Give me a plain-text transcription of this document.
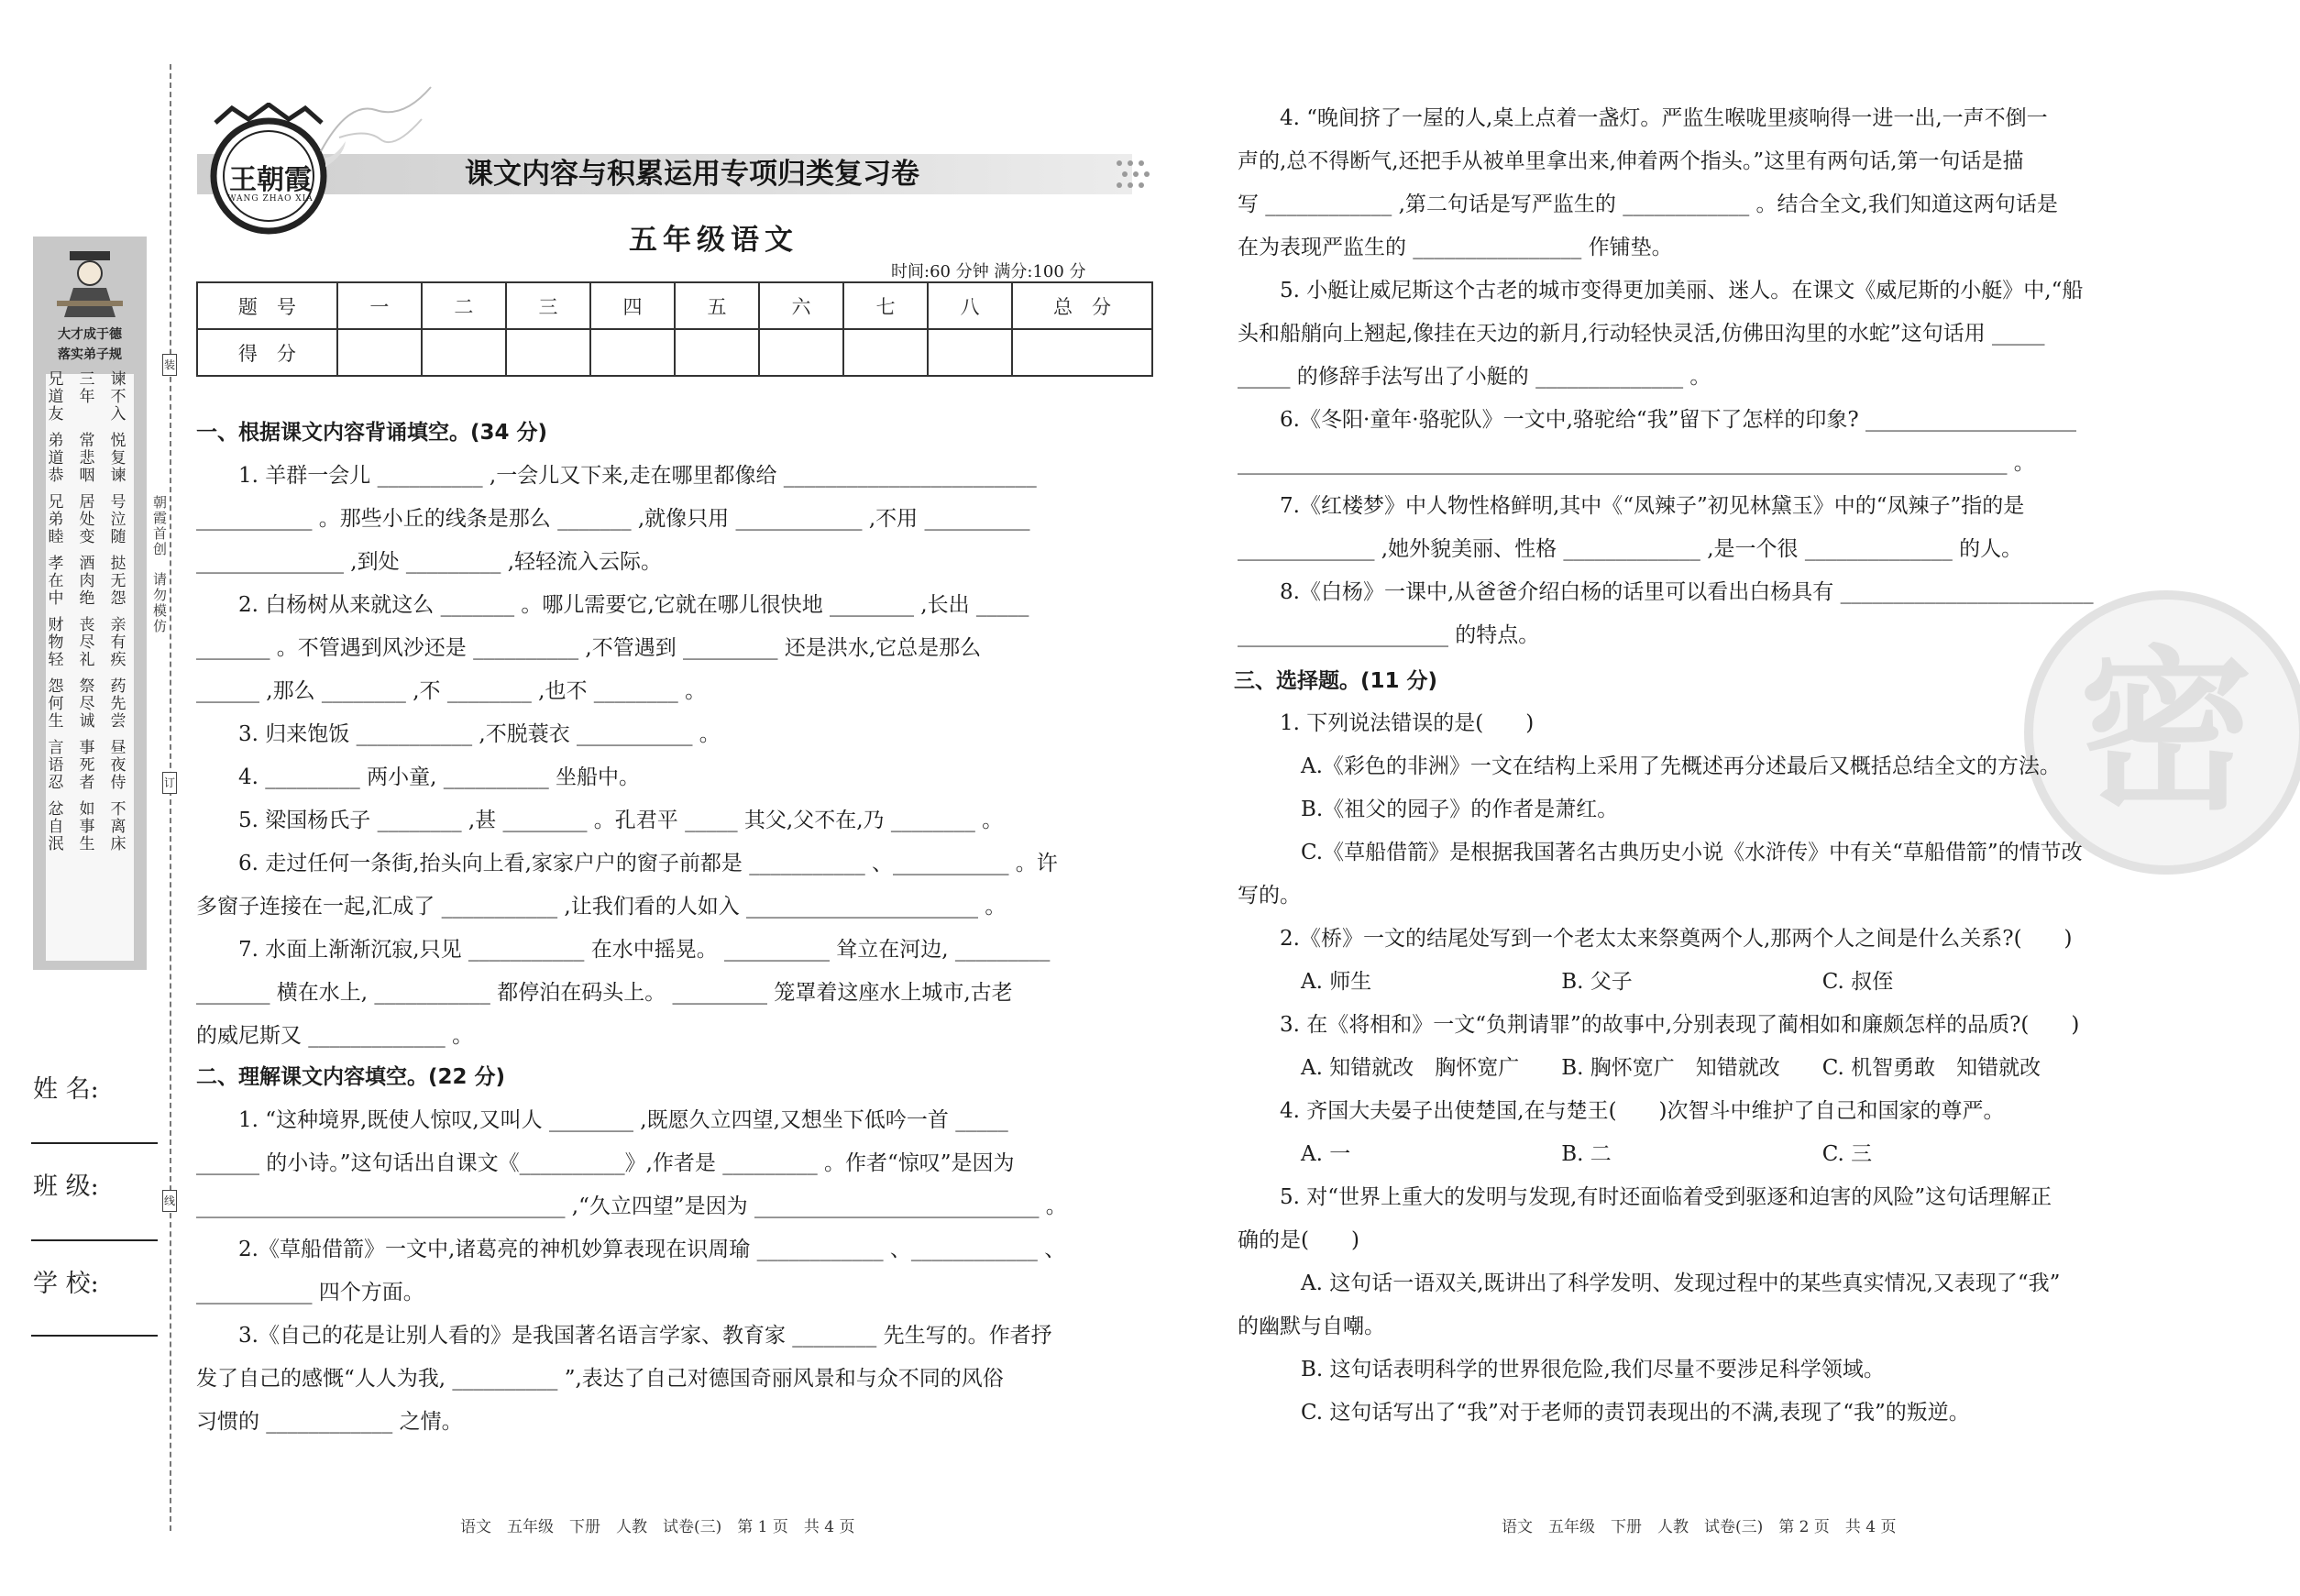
大才成于德
落实弟子规
兄道友
三年
谏不入
弟道恭
常悲咽
悦复谏
兄弟睦
居处变
号泣随
孝在中
酒肉绝
挞无怨
财物轻
丧尽礼
亲有疾
怨何生
祭尽诚
药先尝
言语忍
事死者
昼夜侍
忿自泯
如事生
不离床
朝霞首创
请勿模仿
装
订
线
姓 名:
班 级:
学 校:
王朝霞
WANG ZHAO XIA
课文内容与积累运用专项归类复习卷
五年级语文
时间:60 分钟 满分:100 分
题　号	一	二	三	四	五	六	七	八	总　分
得　分									
一、根据课文内容背诵填空。(34 分)
　　1. 羊群一会儿 __________ ,一会儿又下来,走在哪里都像给 ________________________
___________ 。那些小丘的线条是那么 _______ ,就像只用 ____________ ,不用 __________
______________ ,到处 _________ ,轻轻流入云际。
　　2. 白杨树从来就这么 _______ 。哪儿需要它,它就在哪儿很快地 ________ ,长出 _____
_______ 。不管遇到风沙还是 __________ ,不管遇到 _________ 还是洪水,它总是那么
______ ,那么 ________ ,不 ________ ,也不 ________ 。
　　3. 归来饱饭 ___________ ,不脱蓑衣 ___________ 。
　　4. _________ 两小童, __________ 坐船中。
　　5. 梁国杨氏子 ________ ,甚 ________ 。孔君平 _____ 其父,父不在,乃 ________ 。
　　6. 走过任何一条街,抬头向上看,家家户户的窗子前都是 ___________ 、___________ 。许
多窗子连接在一起,汇成了 ___________ ,让我们看的人如入 ______________________ 。
　　7. 水面上渐渐沉寂,只见 ___________ 在水中摇晃。 __________ 耸立在河边, _________
_______ 横在水上, ___________ 都停泊在码头上。 _________ 笼罩着这座水上城市,古老
的威尼斯又 _____________ 。
二、理解课文内容填空。(22 分)
　　1. “这种境界,既使人惊叹,又叫人 ________ ,既愿久立四望,又想坐下低吟一首 _____
______ 的小诗。”这句话出自课文《__________》,作者是 _________ 。作者“惊叹”是因为
___________________________________ ,“久立四望”是因为 ___________________________ 。
　　2.《草船借箭》一文中,诸葛亮的神机妙算表现在识周瑜 ____________ 、____________ 、
___________ 四个方面。
　　3.《自己的花是让别人看的》是我国著名语言学家、教育家 ________ 先生写的。作者抒
发了自己的感慨“人人为我, __________ ”,表达了自己对德国奇丽风景和与众不同的风俗
习惯的 ____________ 之情。
密
　　4. “晚间挤了一屋的人,桌上点着一盏灯。严监生喉咙里痰响得一进一出,一声不倒一
声的,总不得断气,还把手从被单里拿出来,伸着两个指头。”这里有两句话,第一句话是描
写 ____________ ,第二句话是写严监生的 ____________ 。结合全文,我们知道这两句话是
在为表现严监生的 ________________ 作铺垫。
　　5. 小艇让威尼斯这个古老的城市变得更加美丽、迷人。在课文《威尼斯的小艇》中,“船
头和船艄向上翘起,像挂在天边的新月,行动轻快灵活,仿佛田沟里的水蛇”这句话用 _____
_____ 的修辞手法写出了小艇的 ______________ 。
　　6.《冬阳·童年·骆驼队》一文中,骆驼给“我”留下了怎样的印象? ____________________
_________________________________________________________________________ 。
　　7.《红楼梦》中人物性格鲜明,其中《“凤辣子”初见林黛玉》中的“凤辣子”指的是
_____________ ,她外貌美丽、性格 _____________ ,是一个很 ______________ 的人。
　　8.《白杨》一课中,从爸爸介绍白杨的话里可以看出白杨具有 ________________________
____________________ 的特点。
三、选择题。(11 分)
　　1. 下列说法错误的是(　　)
　　　A.《彩色的非洲》一文在结构上采用了先概述再分述最后又概括总结全文的方法。
　　　B.《祖父的园子》的作者是萧红。
　　　C.《草船借箭》是根据我国著名古典历史小说《水浒传》中有关“草船借箭”的情节改
写的。
　　2.《桥》一文的结尾处写到一个老太太来祭奠两个人,那两个人之间是什么关系?(　　)
　　　A. 师生　　　　　　　　　B. 父子　　　　　　　　　C. 叔侄
　　3. 在《将相和》一文“负荆请罪”的故事中,分别表现了蔺相如和廉颇怎样的品质?(　　)
　　　A. 知错就改　胸怀宽广　　B. 胸怀宽广　知错就改　　C. 机智勇敢　知错就改
　　4. 齐国大夫晏子出使楚国,在与楚王(　　)次智斗中维护了自己和国家的尊严。
　　　A. 一　　　　　　　　　　B. 二　　　　　　　　　　C. 三
　　5. 对“世界上重大的发明与发现,有时还面临着受到驱逐和迫害的风险”这句话理解正
确的是(　　)
　　　A. 这句话一语双关,既讲出了科学发明、发现过程中的某些真实情况,又表现了“我”
的幽默与自嘲。
　　　B. 这句话表明科学的世界很危险,我们尽量不要涉足科学领域。
　　　C. 这句话写出了“我”对于老师的责罚表现出的不满,表现了“我”的叛逆。
语文　五年级　下册　人教　试卷(三)　第 1 页　共 4 页	语文　五年级　下册　人教　试卷(三)　第 2 页　共 4 页
